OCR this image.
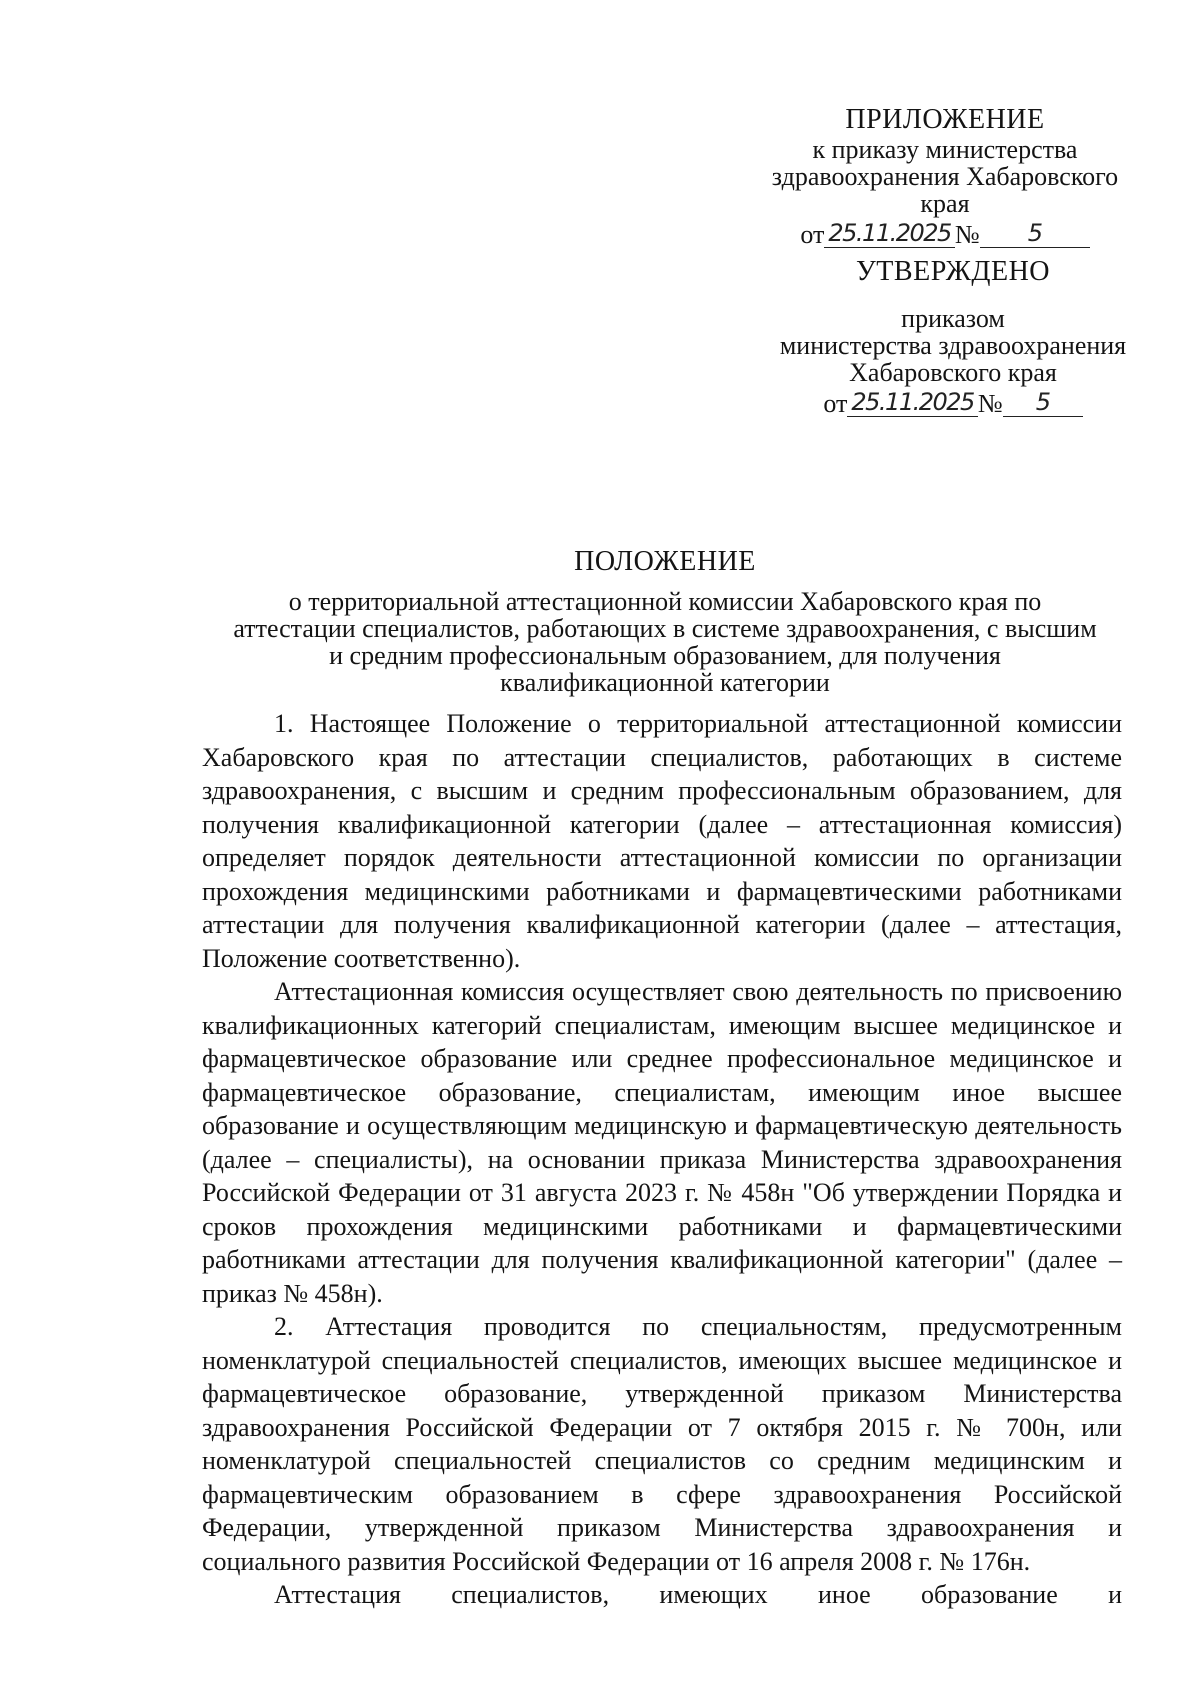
ПРИЛОЖЕНИЕ
к приказу министерства
здравоохранения Хабаровского
края
от 25.11.2025 №	5
УТВЕРЖДЕНО
приказом
министерства здравоохранения
Хабаровского края
от 25.11.2025 №	5
ПОЛОЖЕНИЕ
о территориальной аттестационной комиссии Хабаровского края по
аттестации специалистов, работающих в системе здравоохранения, с высшим
и средним профессиональным образованием, для получения
квалификационной категории

1. Настоящее Положение о территориальной аттестационной комиссии Хабаровского края по аттестации специалистов, работающих в системе здравоохранения, с высшим и средним профессиональным образованием, для получения квалификационной категории (далее – аттестационная комиссия) определяет порядок деятельности аттестационной комиссии по организации прохождения медицинскими работниками и фармацевтическими работниками аттестации для получения квалификационной категории (далее – аттестация, Положение соответственно).

Аттестационная комиссия осуществляет свою деятельность по присвоению квалификационных категорий специалистам, имеющим высшее медицинское и фармацевтическое образование или среднее профессиональное медицинское и фармацевтическое образование, специалистам, имеющим иное высшее образование и осуществляющим медицинскую и фармацевтическую деятельность (далее – специалисты), на основании приказа Министерства здравоохранения Российской Федерации от 31 августа 2023 г. № 458н "Об утверждении Порядка и сроков прохождения медицинскими работниками и фармацевтическими работниками аттестации для получения квалификационной категории" (далее – приказ № 458н).

2. Аттестация проводится по специальностям, предусмотренным номенклатурой специальностей специалистов, имеющих высшее медицинское и фармацевтическое образование, утвержденной приказом Министерства здравоохранения Российской Федерации от 7 октября 2015 г. № 700н, или номенклатурой специальностей специалистов со средним медицинским и фармацевтическим образованием в сфере здравоохранения Российской Федерации, утвержденной приказом Министерства здравоохранения и социального развития Российской Федерации от 16 апреля 2008 г. № 176н.

Аттестация специалистов, имеющих иное образование и
